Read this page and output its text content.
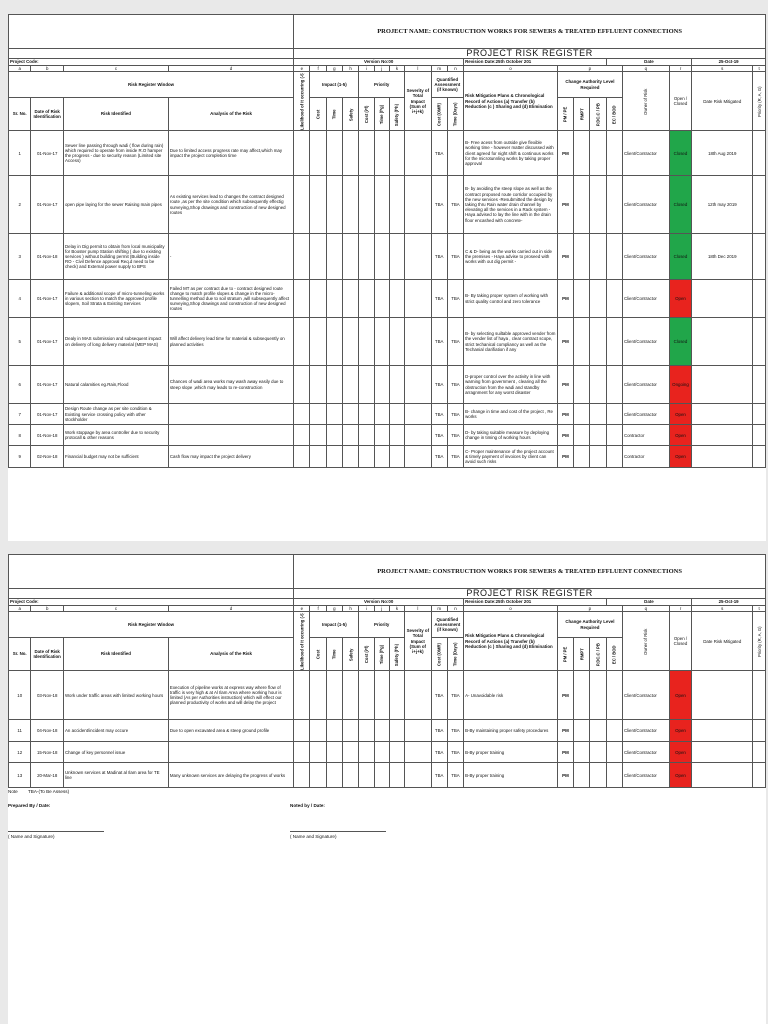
				PROJECT NAME: CONSTRUCTION WORKS FOR SEWERS & TREATED EFFLUENT CONNECTIONS																		
				PROJECT RISK REGISTER																		
Project Code:				Version No:00										Revision Date:25th October 201				Date			25-Oct-19	
a	b	c	d	e	f	g	h	i	j	k	l	m	n	o	p				q	r	s	t
Risk Register Window				Likelihood of it occurring (-5)	Impact (1-5)			Priority			Severity of Total Impact (Sum of i+j+k)	Quantified Assessment (if known)		Risk Mitigation Plans & Chronological Record of Actions (a) Transfer (b) Reduction (c ) Sharing and (d) Elimination	Change Authority Level Required				Owner of Risk	Open / Closed	Date Risk Mitigated	Priority (R, A, G)
Sr. No.	Date of Risk Identification	Risk Identified	Analysis of the Risk		Cost	Time	Safety	Cost (i*f)	Time (f*g)	Safety (f*h)		Cost (OMR)	Time (Days)		PM / PE	RMPT	P.DC.C / PB	EC / BOD				
1	01-Nov-17	Sewer line passing through wadi ( flow during rain) which required to operate from inside R.O hamper the progress - due to security reason (Limited site Access)	Due to limited access progress rate may affect,which may impact the project completion time									TBA		B- Free acess from outside give flexible working time - however matter discussed with client agreed for night shift & continous works for the microtunnling works by taking proper approval	PM				Client/Contractor	Closed	18th Aug 2019	
2	01-Nov-17	open pipe laying for the sewer Raising main pipes	As existing services lead to changes the contract designed route ,as per the site condition which subsequently effectig surveying,Shop drawings and construction of new designed routes									TBA	TBA	B- by avoiding the steep slope as well as the contract proposed route corridor occupied by the new services -Resubmitted the design by taking thru Rain water drain channel by elevating all the services in a Rack system - Haya advised to lay the line with in the drain floor encashed with concrete-	PM				Client/Contractor	Closed	12th may 2019	
3	01-Nov-18	Delay in Dig permit to obtain from local municipality for Booster pump Station shifting ( due to existing services ) without building permit (Building inside RO - Civil Defence approval Req.d need to be check) and External power supply to BPS	-									TBA	TBA	C & D- being as the works carried out in side the premises - Haya advise to proseed with works with out dig permit -	PM				Client/Contractor	Closed	18th Dec 2019	
4	01-Nov-17	Failure & additional scope of micro-tunneling works in various section to match the approved profile slopem, Soil Strata & Existing Services	Failed MT as per contract due to - contract designed route change to match profile slopes & change in the micro-tunnelling method due to soil stratum ,will subsequently affect surveying,Shop drawings and construction of new designed routes									TBA	TBA	B- By taking proper system of working with strict quality control and zero tolerance	PM				Client/Contractor	Open		

5	01-Nov-17	Dealy in MAS submission and subsequent impact on delivery of long delivery material (MEP MAS)	Will affect delivery lead time for material & subsequently on planned activities									TBA	TBA	B- by selecting suiltable approved vender from the vender list of haya , clear contract scope, strict techanical compliancy as well as the Techanial clarifiation if any	PM				Client/Contractor	Closed		

6	01-Nov-17	Natural calamities eg.Rain,Flood	Chances of wadi area works may wash away easily due to steep slope ,which may leads to re-construction									TBA	TBA	D-proper control over the activity in line with warning from government , clearing all the obstruction from the wadi and standby arragnment for any worst disaster	PM				Client/Contractor	Ongoing		

7	01-Nov-17	Design Route change as per site condition & Existing service crossing policy with other stockholder										TBA	TBA	B- change in time and cost of the project , Re works	PM				Client/Contractor	Open		

8	01-Nov-18	Work stoppage by area controller due to security protocall & other reasons										TBA	TBA	D- by taking suitable measure by deploying change in timing of working hours	PM				Contractor	Open		

9	02-Nov-18	Financial budget may not be sufficient	Cash flow may impact the project delivery									TBA	TBA	C- Proper maintenance of the project account & timely payment of invoices by client can avoid such risks	PM				Contractor	Open		

				PROJECT NAME: CONSTRUCTION WORKS FOR SEWERS & TREATED EFFLUENT CONNECTIONS																		
				PROJECT RISK REGISTER																		
Project Code:				Version No:00										Revision Date:25th October 201				Date			25-Oct-19	
a	b	c	d	e	f	g	h	i	j	k	l	m	n	o	p				q	r	s	t
Risk Register Window				Likelihood of it occurring (-5)	Impact (1-5)			Priority			Severity of Total Impact (Sum of i+j+k)	Quantified Assessment (if known)		Risk Mitigation Plans & Chronological Record of Actions (a) Transfer (b) Reduction (c ) Sharing and (d) Elimination	Change Authority Level Required				Owner of Risk	Open / Closed	Date Risk Mitigated	Priority (R, A, G)
Sr. No.	Date of Risk Identification	Risk Identified	Analysis of the Risk		Cost	Time	Safety	Cost (i*f)	Time (f*g)	Safety (f*h)		Cost (OMR)	Time (Days)		PM / PE	RMPT	P.DC.C / PB	EC / BOD				
10	03-Nov-18	Work under traffic areas with limited working hours	Execution of pipeline works at express way where flow of traffic is very high & at Al Ilam Area where working hour is limited (As per Authorities instruction) which will effect our planned productivity of works and will delay the project									TBA	TBA	A- Unavoidable risk	PM				Client/Contractor	Open		

11	04-Nov-18	An accident/incident may occure	Due to open excavated area & steep ground profile									TBA	TBA	B-By maintaining proper safety procedures	PM				Client/Contractor	Open		

12	15-Nov-18	Change of key personnel issue										TBA	TBA	B-By proper training	PM				Client/Contractor	Open		

13	20-Mar-18	Unknown services at Madinat al Ilam area for TE line	Many unknown services are delaying the progress of works									TBA	TBA	B-By proper training	PM				Client/Contractor	Open		

Note TBA-(To Be Assess)
Prepared By / Date:	Noted by / Date:
( Name and Signature)	( Name and Signature)
